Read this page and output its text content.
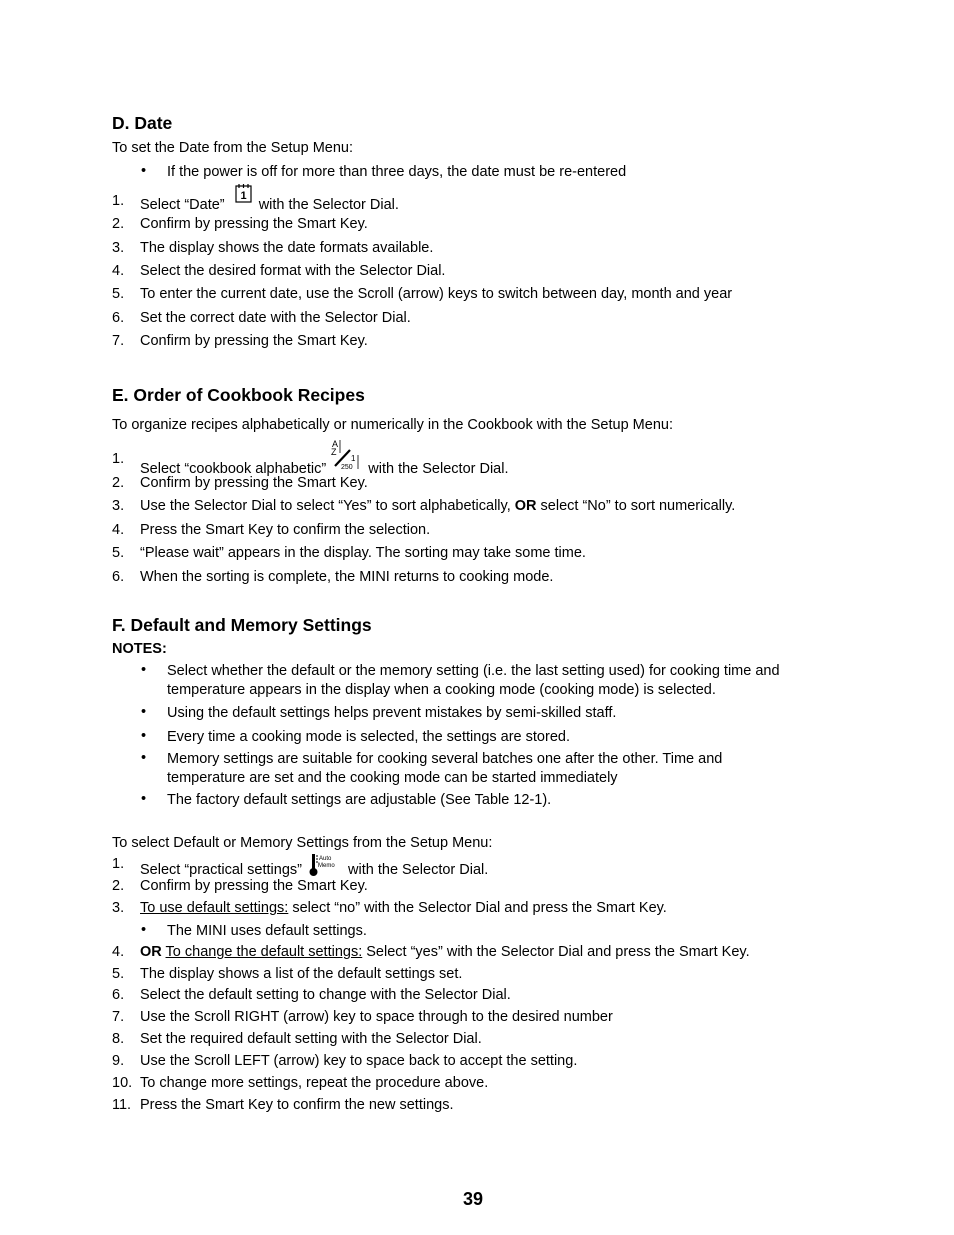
D. Date
To set the Date from the Setup Menu:
• If the power is off for more than three days, the date must be re-entered
1. Select “Date”
1
with the Selector Dial.
2. Confirm by pressing the Smart Key.
3. The display shows the date formats available.
4. Select the desired format with the Selector Dial.
5. To enter the current date, use the Scroll (arrow) keys to switch between day, month and year
6. Set the correct date with the Selector Dial.
7. Confirm by pressing the Smart Key.
E. Order of Cookbook Recipes
To organize recipes alphabetically or numerically in the Cookbook with the Setup Menu:
1.
Select “cookbook alphabetic”
A
Z
1
250 with the Selector Dial.
2. Confirm by pressing the Smart Key.
3. Use the Selector Dial to select “Yes” to sort alphabetically, OR select “No” to sort numerically.
4. Press the Smart Key to confirm the selection.
5. “Please wait” appears in the display. The sorting may take some time.
6. When the sorting is complete, the MINI returns to cooking mode.
F. Default and Memory Settings
NOTES:
• Select whether the default or the memory setting (i.e. the last setting used) for cooking time and temperature appears in the display when a cooking mode (cooking mode) is selected.
• Using the default settings helps prevent mistakes by semi-skilled staff.
• Every time a cooking mode is selected, the settings are stored.
• Memory settings are suitable for cooking several batches one after the other. Time and temperature are set and the cooking mode can be started immediately
• The factory default settings are adjustable (See Table 12-1).
To select Default or Memory Settings from the Setup Menu:
1. Select “practical settings”
Auto
Memo with the Selector Dial.
2. Confirm by pressing the Smart Key.
3. To use default settings: select “no” with the Selector Dial and press the Smart Key.
• The MINI uses default settings.
4. OR To change the default settings: Select “yes” with the Selector Dial and press the Smart Key.
5. The display shows a list of the default settings set.
6. Select the default setting to change with the Selector Dial.
7. Use the Scroll RIGHT (arrow) key to space through to the desired number
8. Set the required default setting with the Selector Dial.
9. Use the Scroll LEFT (arrow) key to space back to accept the setting.
10. To change more settings, repeat the procedure above.
11. Press the Smart Key to confirm the new settings.
39
